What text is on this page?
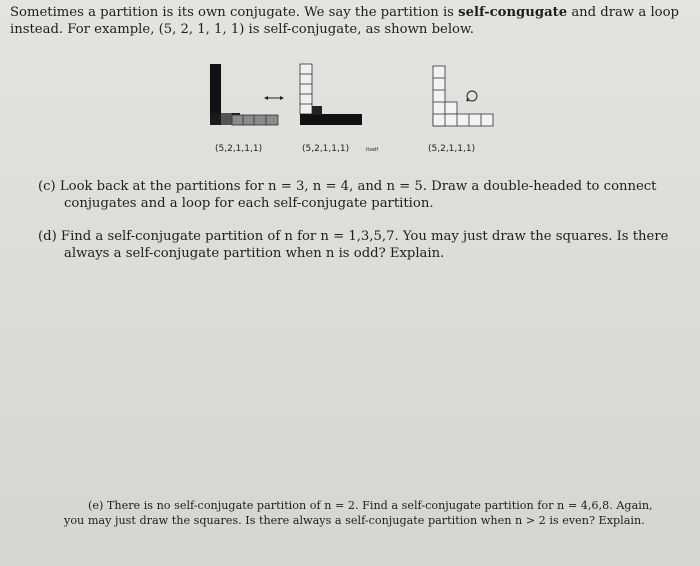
Sometimes a partition is its own conjugate. We say the partition is self-congugate and draw a loop instead. For example, (5, 2, 1, 1, 1) is self-conjugate, as shown below.
(5,2,1,1,1)	(5,2,1,1,1)	itself	(5,2,1,1,1)
(c) Look back at the partitions for n = 3, n = 4, and n = 5. Draw a double-headed to connect conjugates and a loop for each self-conjugate partition.
(d) Find a self-conjugate partition of n for n = 1,3,5,7. You may just draw the squares. Is there always a self-conjugate partition when n is odd? Explain.
(e) There is no self-conjugate partition of n = 2. Find a self-conjugate partition for n = 4,6,8. Again, you may just draw the squares. Is there always a self-conjugate partition when n > 2 is even? Explain.
